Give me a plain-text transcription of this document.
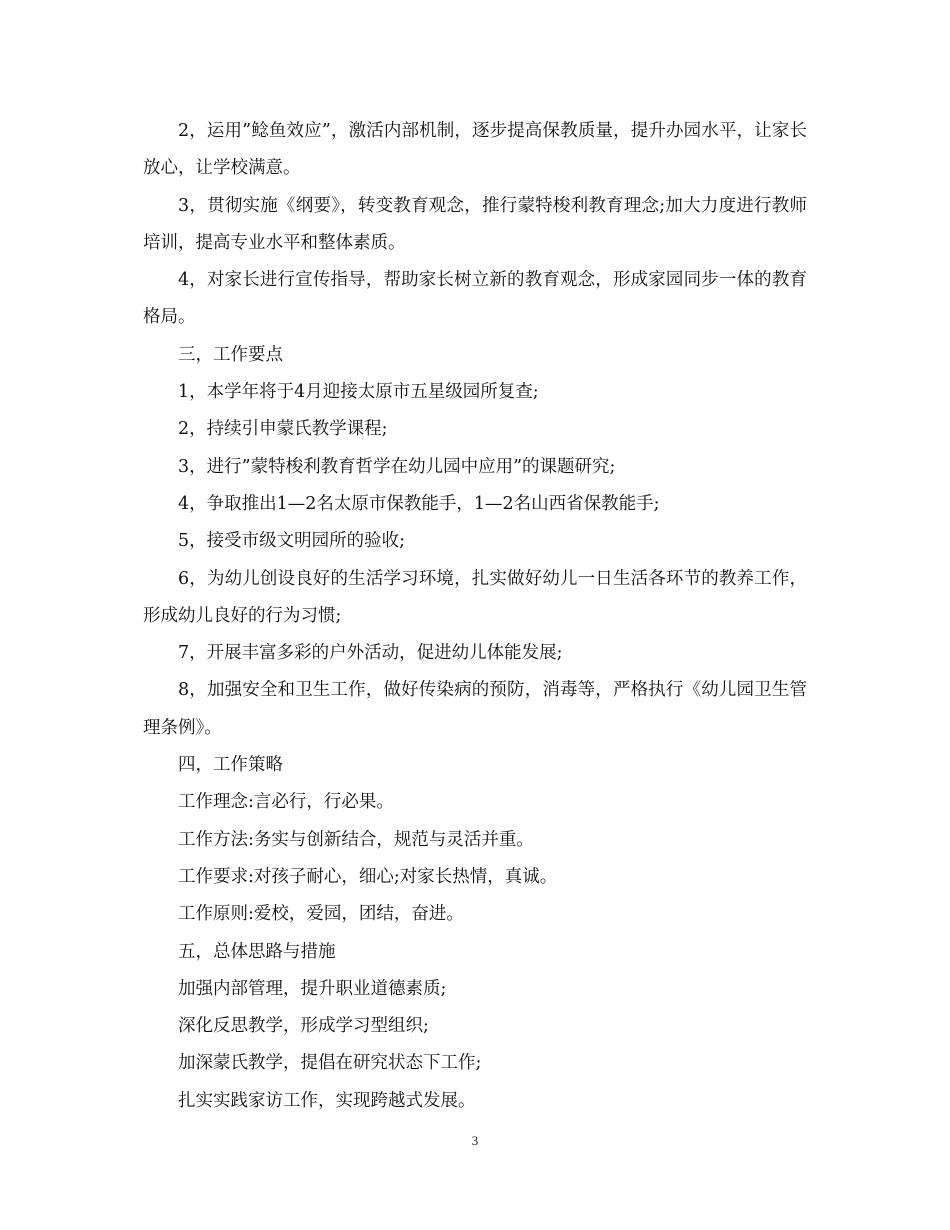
2，运用”鲶鱼效应”，激活内部机制，逐步提高保教质量，提升办园水平，让家长放心，让学校满意。

3，贯彻实施《纲要》，转变教育观念，推行蒙特梭利教育理念;加大力度进行教师培训，提高专业水平和整体素质。

4，对家长进行宣传指导，帮助家长树立新的教育观念，形成家园同步一体的教育格局。

三，工作要点

1，本学年将于4月迎接太原市五星级园所复查;

2，持续引申蒙氏教学课程;

3，进行”蒙特梭利教育哲学在幼儿园中应用”的课题研究;

4，争取推出1—2名太原市保教能手，1—2名山西省保教能手;

5，接受市级文明园所的验收;

6，为幼儿创设良好的生活学习环境，扎实做好幼儿一日生活各环节的教养工作，形成幼儿良好的行为习惯;

7，开展丰富多彩的户外活动，促进幼儿体能发展;

8，加强安全和卫生工作，做好传染病的预防，消毒等，严格执行《幼儿园卫生管理条例》。

四，工作策略

工作理念:言必行，行必果。

工作方法:务实与创新结合，规范与灵活并重。

工作要求:对孩子耐心，细心;对家长热情，真诚。

工作原则:爱校，爱园，团结，奋进。

五，总体思路与措施

加强内部管理，提升职业道德素质;

深化反思教学，形成学习型组织;

加深蒙氏教学，提倡在研究状态下工作;

扎实实践家访工作，实现跨越式发展。

3
